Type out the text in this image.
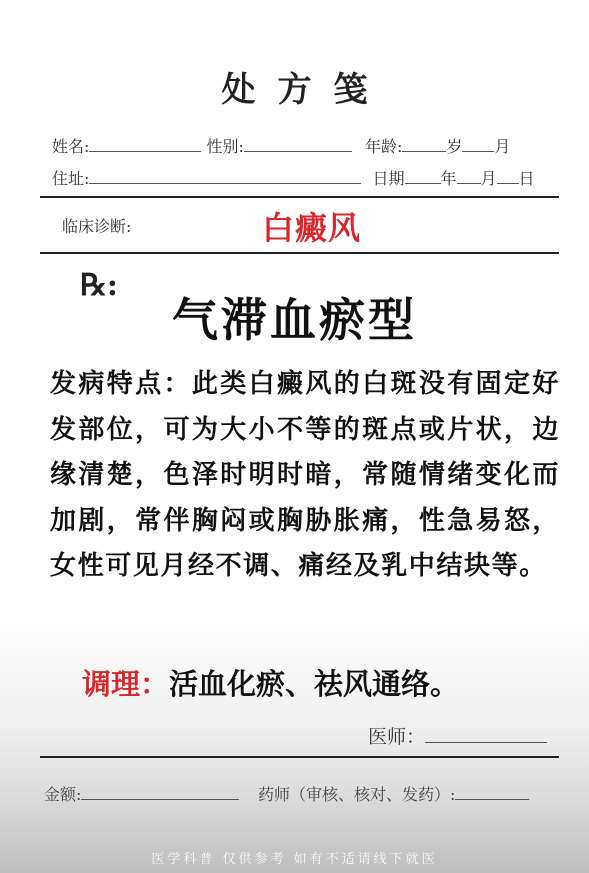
处方笺
姓名:	性别:	年龄:	岁 月
住址:	日期 年 月 日
临床诊断:	白癜风
℞:
气滞血瘀型
发病特点：此类白癜风的白斑没有固定好发部位，可为大小不等的斑点或片状，边缘清楚，色泽时明时暗，常随情绪变化而加剧，常伴胸闷或胸胁胀痛，性急易怒，女性可见月经不调、痛经及乳中结块等。
调理：活血化瘀、祛风通络。
医师：
金额:	药师（审核、核对、发药）:
医学科普 仅供参考 如有不适请线下就医
